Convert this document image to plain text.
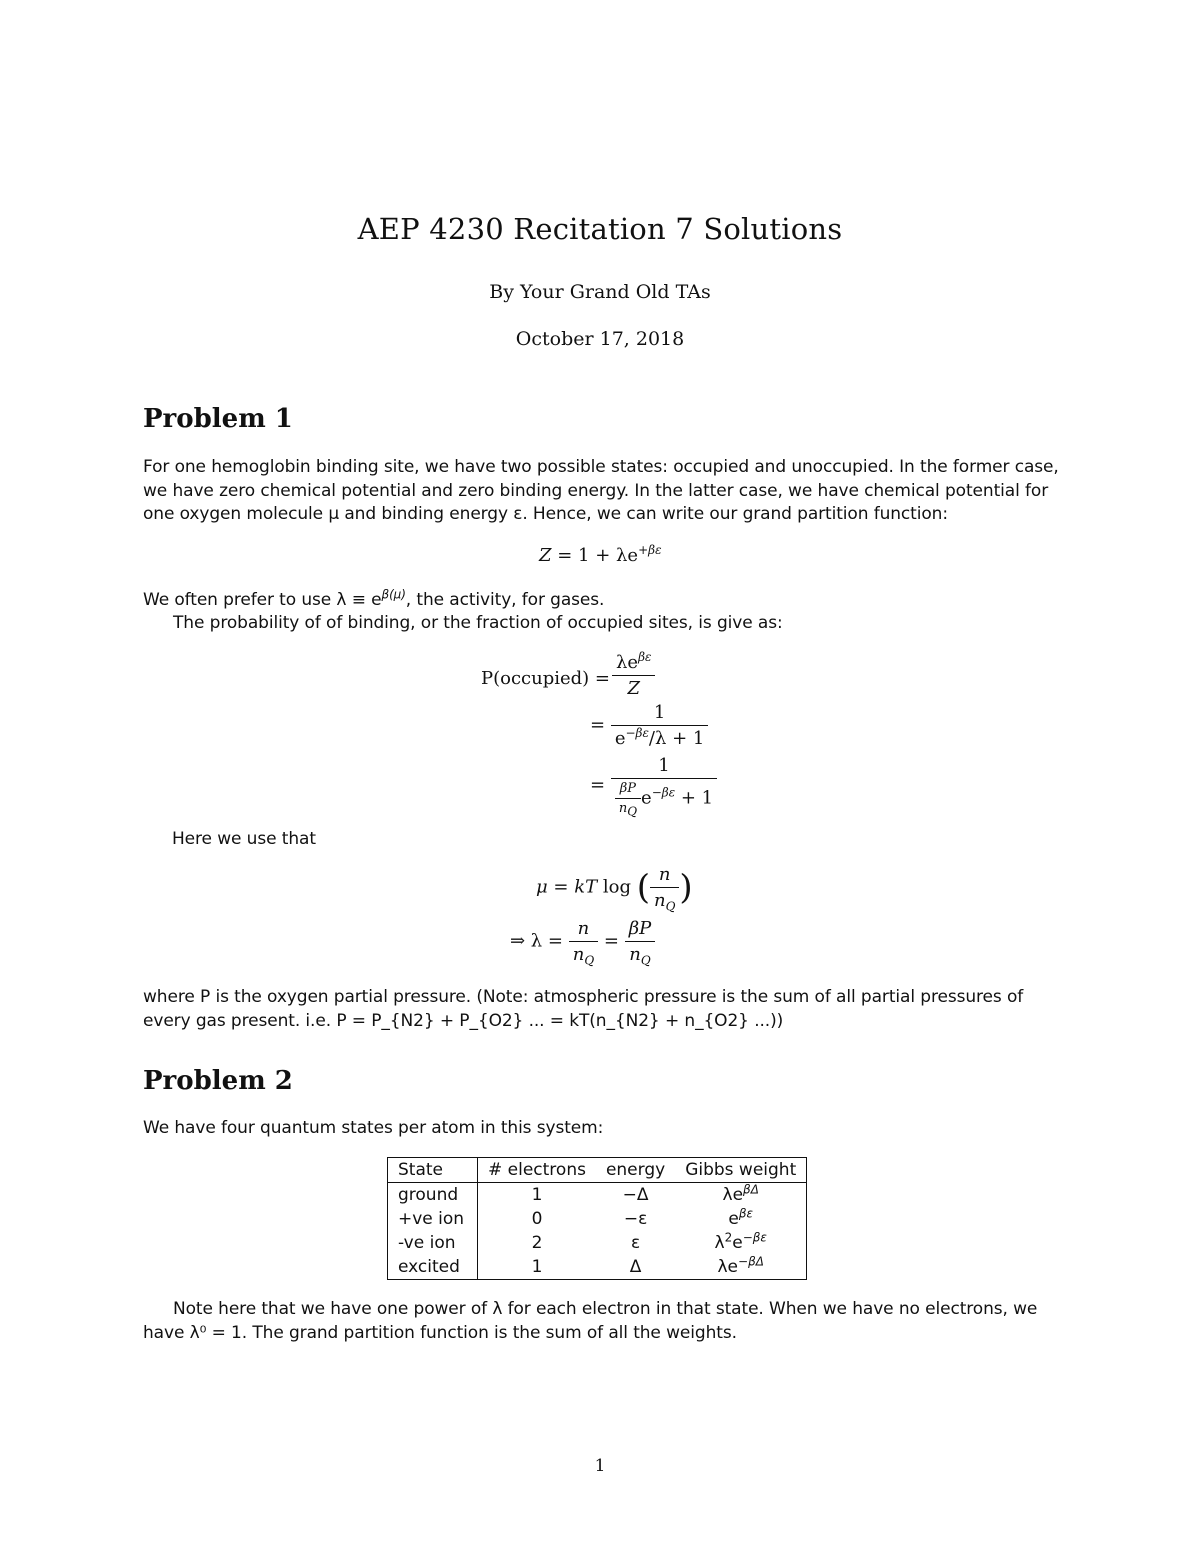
AEP 4230 Recitation 7 Solutions
By Your Grand Old TAs
October 17, 2018
Problem 1
For one hemoglobin binding site, we have two possible states: occupied and unoccupied. In the former case, we have zero chemical potential and zero binding energy. In the latter case, we have chemical potential for one oxygen molecule μ and binding energy ε. Hence, we can write our grand partition function:
$Z = 1 + \lambda e^{+\beta\varepsilon}$
We often prefer to use $\lambda \equiv e^{\beta(\mu)}$, the activity, for gases.
The probability of of binding, or the fraction of occupied sites, is give as:
P(occupied) = $\frac{\lambda e^{\beta\varepsilon}}{Z}$
= $\frac{1}{e^{-\beta\varepsilon}/\lambda + 1}$
= $\frac{1}{\frac{\beta P}{n_Q} e^{-\beta\varepsilon} + 1}$
Here we use that
μ = kT log ( $\frac{n}{n_Q}$ )
⇒ $\lambda = \frac{n}{n_Q} = \frac{\beta P}{n_Q}$
where P is the oxygen partial pressure. (Note: atmospheric pressure is the sum of all partial pressures of every gas present. i.e. P = P_{N2} + P_{O2} ... = kT(n_{N2} + n_{O2} ...))
Problem 2
We have four quantum states per atom in this system:
State	# electrons	energy	Gibbs weight
ground	1	−Δ	$\lambda e^{\beta\Delta}$
+ve ion	0	−ε	$e^{\beta\varepsilon}$
-ve ion	2	ε	$\lambda^2e^{-\beta\varepsilon}$
excited	1	Δ	$\lambda e^{-\beta\Delta}$
Note here that we have one power of λ for each electron in that state. When we have no electrons, we have λ⁰ = 1. The grand partition function is the sum of all the weights.
1
